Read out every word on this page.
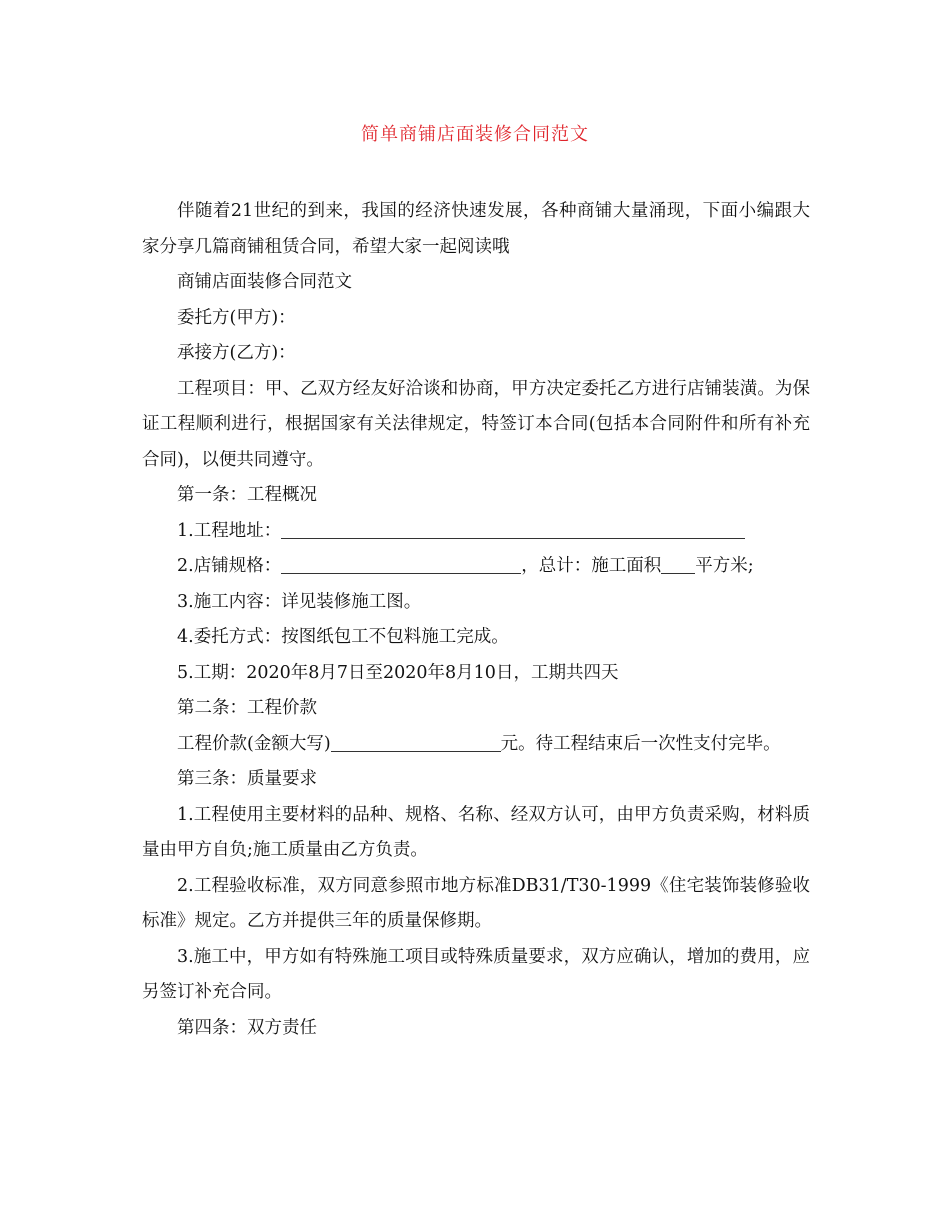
简单商铺店面装修合同范文

伴随着21世纪的到来，我国的经济快速发展，各种商铺大量涌现，下面小编跟大家分享几篇商铺租赁合同，希望大家一起阅读哦

商铺店面装修合同范文

委托方(甲方)：

承接方(乙方)：

工程项目：甲、乙双方经友好洽谈和协商，甲方决定委托乙方进行店铺装潢。为保证工程顺利进行，根据国家有关法律规定，特签订本合同(包括本合同附件和所有补充合同)，以便共同遵守。

第一条：工程概况

1.工程地址：

2.店铺规格：	，总计：施工面积 平方米;

3.施工内容：详见装修施工图。

4.委托方式：按图纸包工不包料施工完成。

5.工期：2020年8月7日至2020年8月10日，工期共四天

第二条：工程价款

工程价款(金额大写)	元。待工程结束后一次性支付完毕。

第三条：质量要求

1.工程使用主要材料的品种、规格、名称、经双方认可，由甲方负责采购，材料质量由甲方自负;施工质量由乙方负责。

2.工程验收标准，双方同意参照市地方标准DB31/T30-1999《住宅装饰装修验收标准》规定。乙方并提供三年的质量保修期。

3.施工中，甲方如有特殊施工项目或特殊质量要求，双方应确认，增加的费用，应另签订补充合同。

第四条：双方责任
